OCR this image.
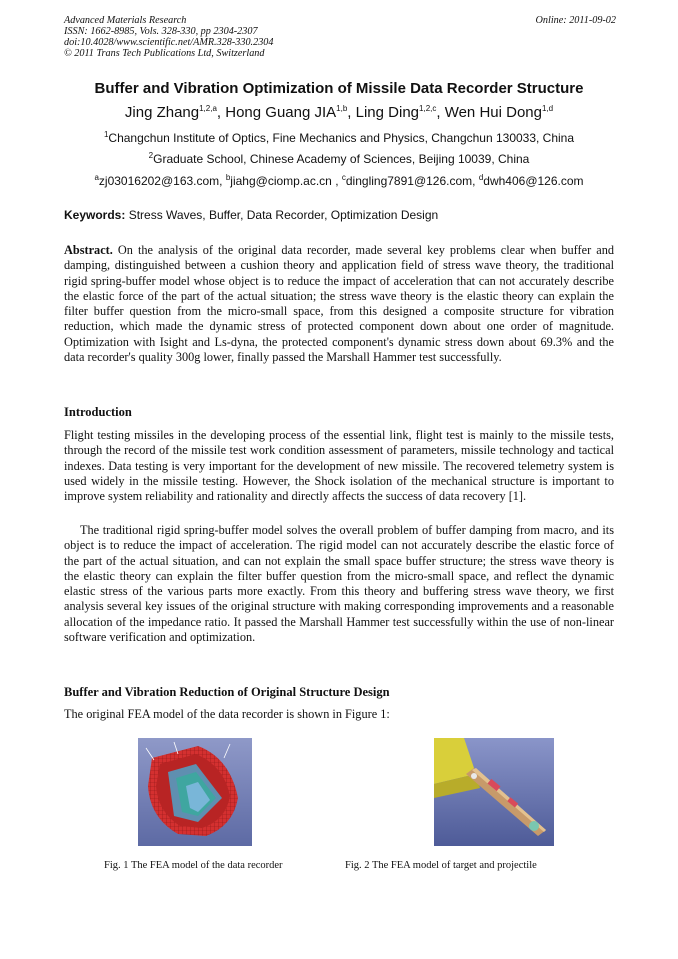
Advanced Materials Research
ISSN: 1662-8985, Vols. 328-330, pp 2304-2307
doi:10.4028/www.scientific.net/AMR.328-330.2304
© 2011 Trans Tech Publications Ltd, Switzerland
Online: 2011-09-02
Buffer and Vibration Optimization of Missile Data Recorder Structure
Jing Zhang$^{1,2,a}$, Hong Guang JIA$^{1,b}$, Ling Ding$^{1,2,c}$, Wen Hui Dong$^{1,d}$
$^1$Changchun Institute of Optics, Fine Mechanics and Physics, Changchun 130033, China
$^2$Graduate School, Chinese Academy of Sciences, Beijing 10039, China
$^a$zj03016202@163.com, $^b$jiahg@ciomp.ac.cn , $^c$dingling7891@126.com, $^d$dwh406@126.com
Keywords: Stress Waves, Buffer, Data Recorder, Optimization Design
Abstract. On the analysis of the original data recorder, made several key problems clear when buffer and damping, distinguished between a cushion theory and application field of stress wave theory, the traditional rigid spring-buffer model whose object is to reduce the impact of acceleration that can not accurately describe the elastic force of the part of the actual situation; the stress wave theory is the elastic theory can explain the filter buffer question from the micro-small space, from this designed a composite structure for vibration reduction, which made the dynamic stress of protected component down about one order of magnitude. Optimization with Isight and Ls-dyna, the protected component's dynamic stress down about 69.3% and the data recorder's quality 300g lower, finally passed the Marshall Hammer test successfully.
Introduction
Flight testing missiles in the developing process of the essential link, flight test is mainly to the missile tests, through the record of the missile test work condition assessment of parameters, missile technology and tactical indexes. Data testing is very important for the development of new missile. The recovered telemetry system is used widely in the missile testing. However, the Shock isolation of the mechanical structure is important to improve system reliability and rationality and directly affects the success of data recovery [1].
The traditional rigid spring-buffer model solves the overall problem of buffer damping from macro, and its object is to reduce the impact of acceleration. The rigid model can not accurately describe the elastic force of the part of the actual situation, and can not explain the small space buffer structure; the stress wave theory is the elastic theory can explain the filter buffer question from the micro-small space, and reflect the dynamic elastic stress of the various parts more exactly. From this theory and buffering stress wave theory, we first analysis several key issues of the original structure with making corresponding improvements and a reasonable allocation of the impedance ratio. It passed the Marshall Hammer test successfully within the use of non-linear software verification and optimization.
Buffer and Vibration Reduction of Original Structure Design
The original FEA model of the data recorder is shown in Figure 1:
Fig. 1 The FEA model of the data recorder	Fig. 2 The FEA model of target and projectile
